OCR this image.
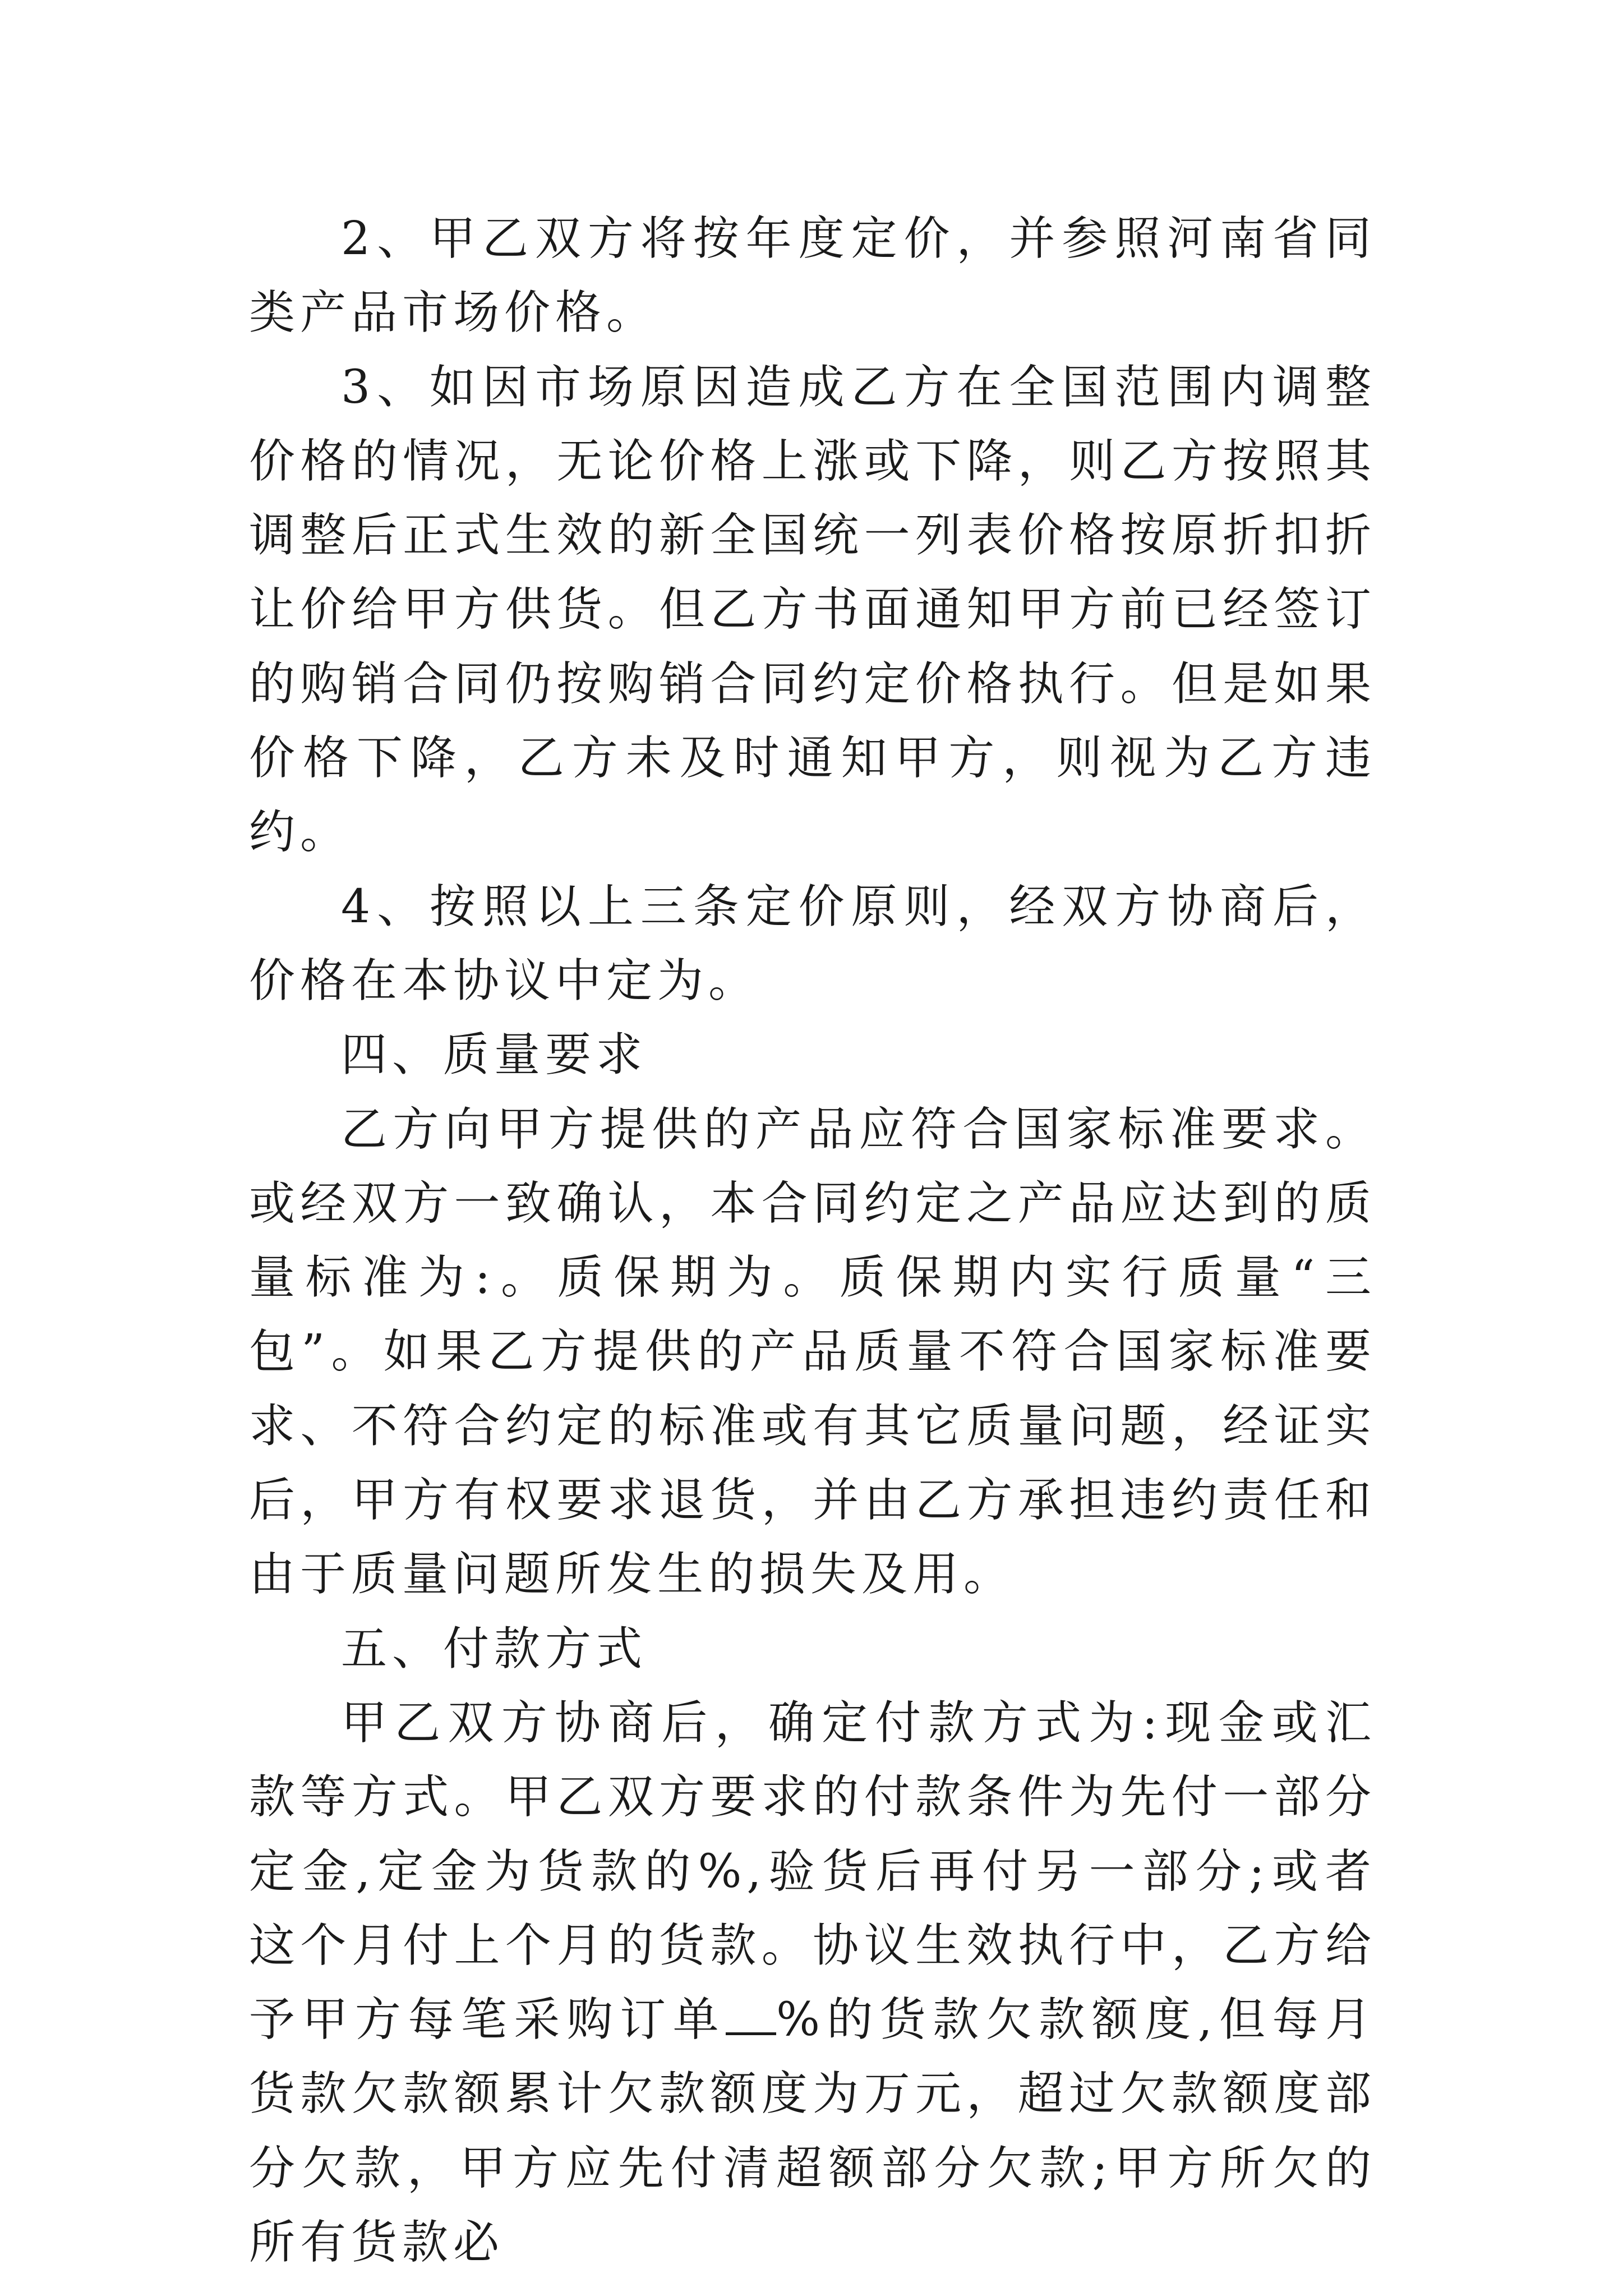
2、甲乙双方将按年度定价，并参照河南省同类产品市场价格。

3、如因市场原因造成乙方在全国范围内调整价格的情况，无论价格上涨或下降，则乙方按照其调整后正式生效的新全国统一列表价格按原折扣折让价给甲方供货。但乙方书面通知甲方前已经签订的购销合同仍按购销合同约定价格执行。但是如果价格下降，乙方未及时通知甲方，则视为乙方违约。

4、按照以上三条定价原则，经双方协商后，价格在本协议中定为。

四、质量要求

乙方向甲方提供的产品应符合国家标准要求。或经双方一致确认，本合同约定之产品应达到的质量标准为:。质保期为。质保期内实行质量“三包”。如果乙方提供的产品质量不符合国家标准要求、不符合约定的标准或有其它质量问题，经证实后，甲方有权要求退货，并由乙方承担违约责任和由于质量问题所发生的损失及用。

五、付款方式

甲乙双方协商后，确定付款方式为:现金或汇款等方式。甲乙双方要求的付款条件为先付一部分定金,定金为货款的%,验货后再付另一部分;或者这个月付上个月的货款。协议生效执行中，乙方给予甲方每笔采购订单 %的货款欠款额度,但每月货款欠款额累计欠款额度为万元，超过欠款额度部分欠款，甲方应先付清超额部分欠款;甲方所欠的所有货款必
